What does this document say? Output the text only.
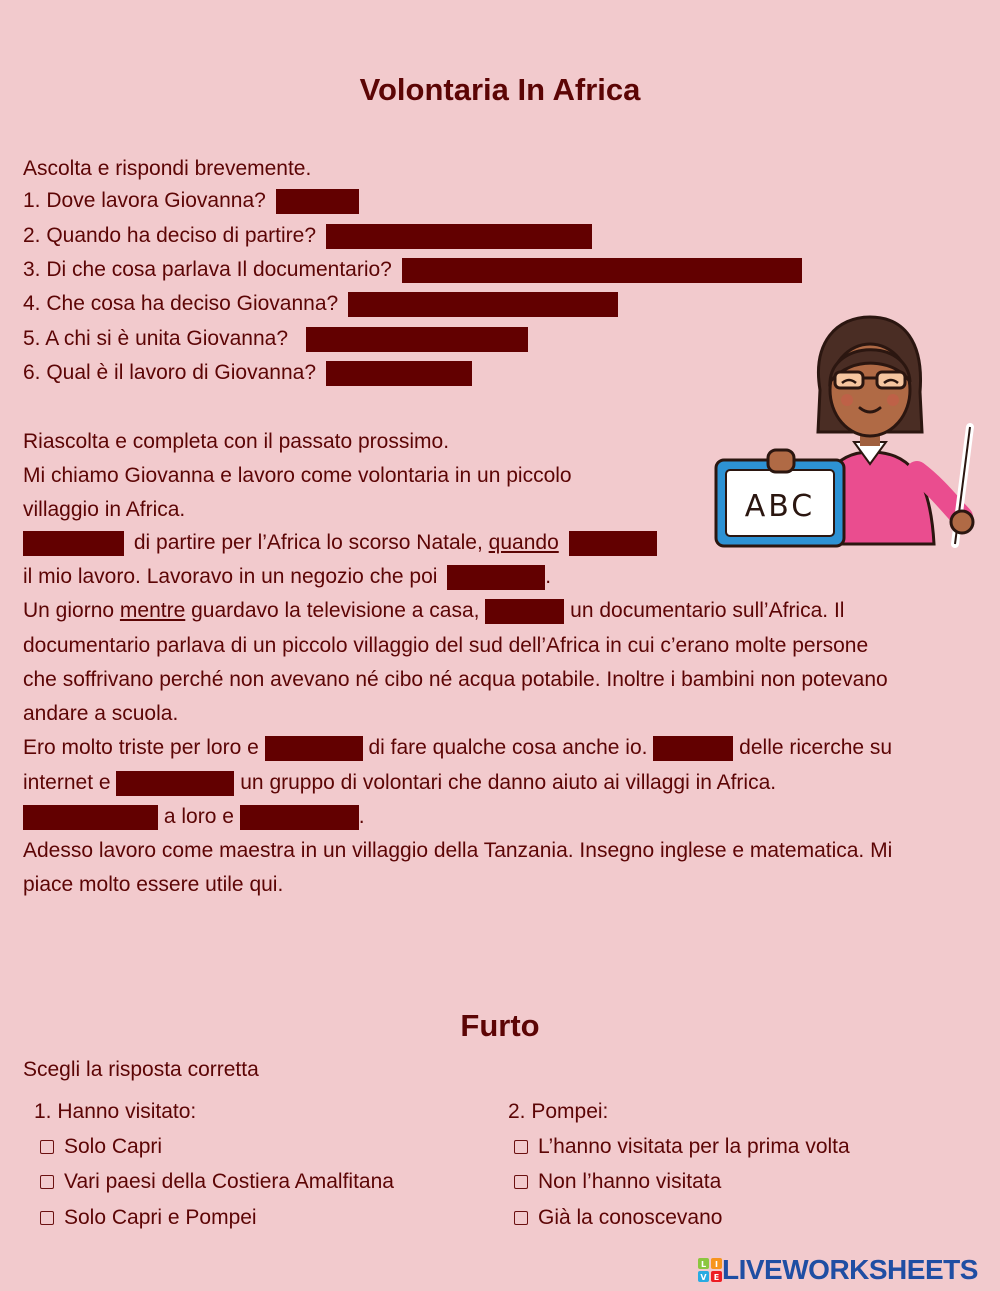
Volontaria In Africa
Ascolta e rispondi brevemente.
1. Dove lavora Giovanna?
2. Quando ha deciso di partire?
3. Di che cosa parlava Il documentario?
4. Che cosa ha deciso Giovanna?
5. A chi si è unita Giovanna?
6. Qual è il lavoro di Giovanna?
Riascolta e completa con il passato prossimo.
Mi chiamo Giovanna e lavoro come volontaria in un piccolo
villaggio in Africa.
di partire per l’Africa lo scorso Natale, quando
il mio lavoro. Lavoravo in un negozio che poi	.
Un giorno mentre guardavo la televisione a casa,	un documentario sull’Africa. Il
documentario parlava di un piccolo villaggio del sud dell’Africa in cui c’erano molte persone
che soffrivano perché non avevano né cibo né acqua potabile. Inoltre i bambini non potevano
andare a scuola.
Ero molto triste per loro e	di fare qualche cosa anche io.	delle ricerche su
internet e	un gruppo di volontari che danno aiuto ai villaggi in Africa.
a loro e	.
Adesso lavoro come maestra in un villaggio della Tanzania. Insegno inglese e matematica. Mi
piace molto essere utile qui.
ABC
Furto
Scegli la risposta corretta
1. Hanno visitato:
Solo Capri
Vari paesi della Costiera Amalfitana
Solo Capri e Pompei
2. Pompei:
L’hanno visitata per la prima volta
Non l’hanno visitata
Già la conoscevano
L I
V E LIVEWORKSHEETS
